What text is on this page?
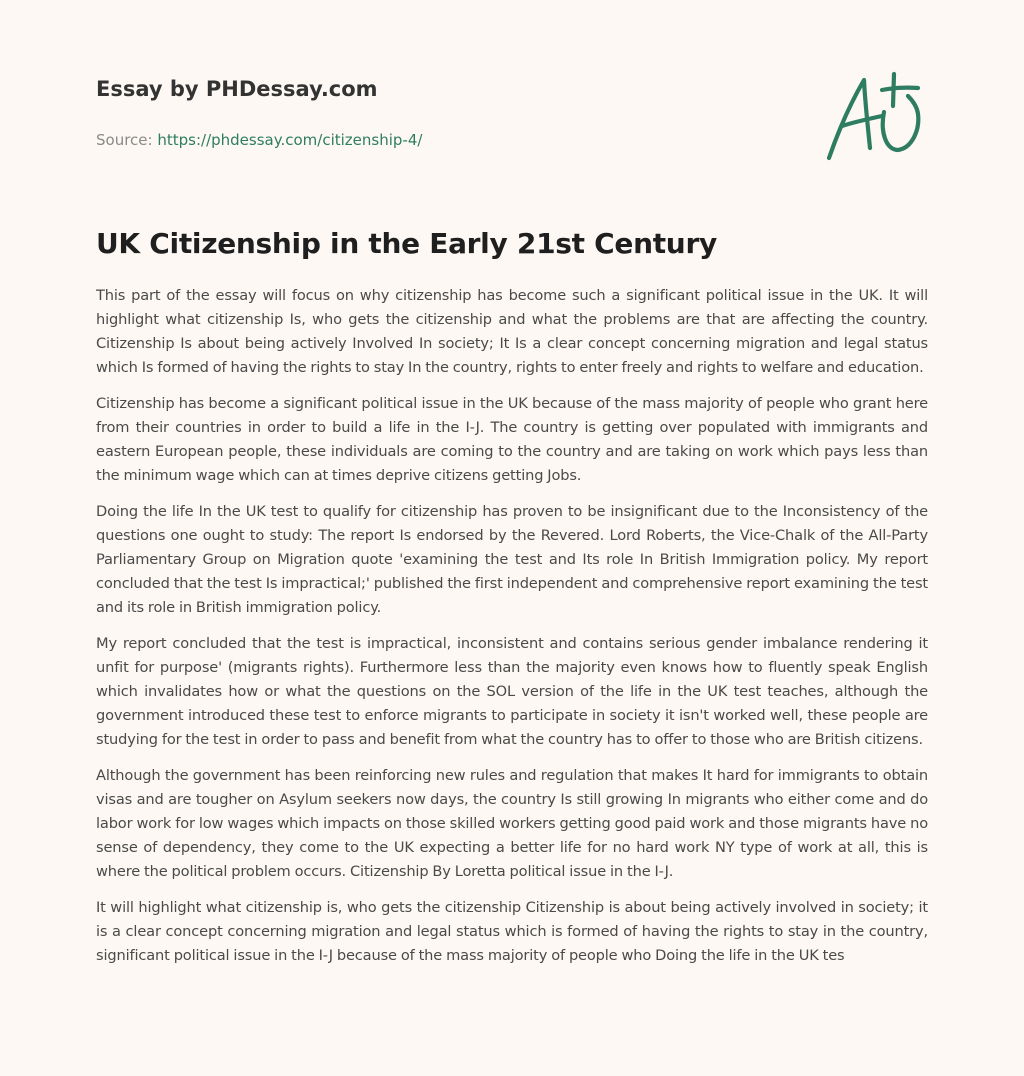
Essay by PHDessay.com
Source: https://phdessay.com/citizenship-4/
UK Citizenship in the Early 21st Century

This part of the essay will focus on why citizenship has become such a significant political issue in the UK. It will highlight what citizenship Is, who gets the citizenship and what the problems are that are affecting the country. Citizenship Is about being actively Involved In society; It Is a clear concept concerning migration and legal status which Is formed of having the rights to stay In the country, rights to enter freely and rights to welfare and education.

Citizenship has become a significant political issue in the UK because of the mass majority of people who grant here from their countries in order to build a life in the I-J. The country is getting over populated with immigrants and eastern European people, these individuals are coming to the country and are taking on work which pays less than the minimum wage which can at times deprive citizens getting Jobs.

Doing the life In the UK test to qualify for citizenship has proven to be insignificant due to the Inconsistency of the questions one ought to study: The report Is endorsed by the Revered. Lord Roberts, the Vice-Chalk of the All-Party Parliamentary Group on Migration quote 'examining the test and Its role In British Immigration policy. My report concluded that the test Is impractical;' published the first independent and comprehensive report examining the test and its role in British immigration policy.

My report concluded that the test is impractical, inconsistent and contains serious gender imbalance rendering it unfit for purpose' (migrants rights). Furthermore less than the majority even knows how to fluently speak English which invalidates how or what the questions on the SOL version of the life in the UK test teaches, although the government introduced these test to enforce migrants to participate in society it isn't worked well, these people are studying for the test in order to pass and benefit from what the country has to offer to those who are British citizens.

Although the government has been reinforcing new rules and regulation that makes It hard for immigrants to obtain visas and are tougher on Asylum seekers now days, the country Is still growing In migrants who either come and do labor work for low wages which impacts on those skilled workers getting good paid work and those migrants have no sense of dependency, they come to the UK expecting a better life for no hard work NY type of work at all, this is where the political problem occurs. Citizenship By Loretta political issue in the I-J.

It will highlight what citizenship is, who gets the citizenship Citizenship is about being actively involved in society; it is a clear concept concerning migration and legal status which is formed of having the rights to stay in the country, significant political issue in the I-J because of the mass majority of people who Doing the life in the UK tes
